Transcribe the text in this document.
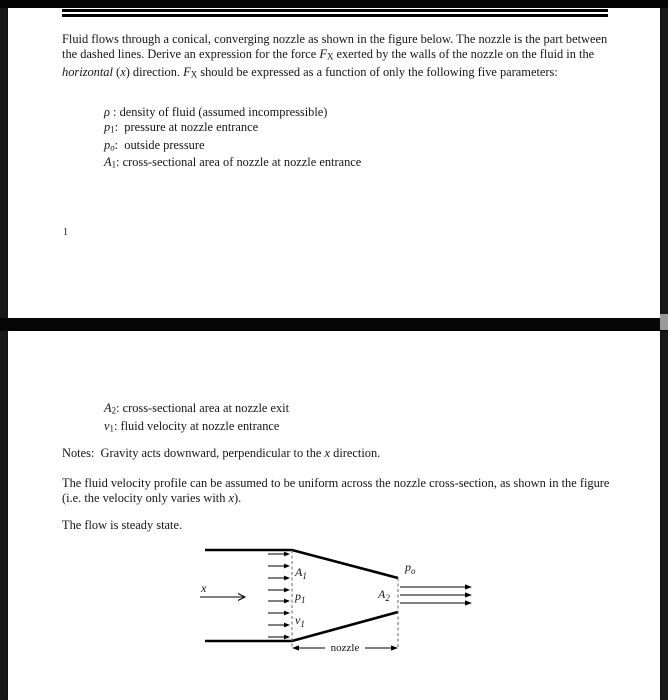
Fluid flows through a conical, converging nozzle as shown in the figure below. The nozzle is the part between the dashed lines. Derive an expression for the force FX exerted by the walls of the nozzle on the fluid in the horizontal (x) direction. FX should be expressed as a function of only the following five parameters:

ρ : density of fluid (assumed incompressible)
p1:  pressure at nozzle entrance
po:  outside pressure
A1: cross-sectional area of nozzle at nozzle entrance
1
A2: cross-sectional area at nozzle exit
v1: fluid velocity at nozzle entrance

Notes:  Gravity acts downward, perpendicular to the x direction.

The fluid velocity profile can be assumed to be uniform across the nozzle cross-section, as shown in the figure (i.e. the velocity only varies with x).

The flow is steady state.

x
$A_1$
$p_1$
$v_1$
$A_2$
$p_o$
nozzle
